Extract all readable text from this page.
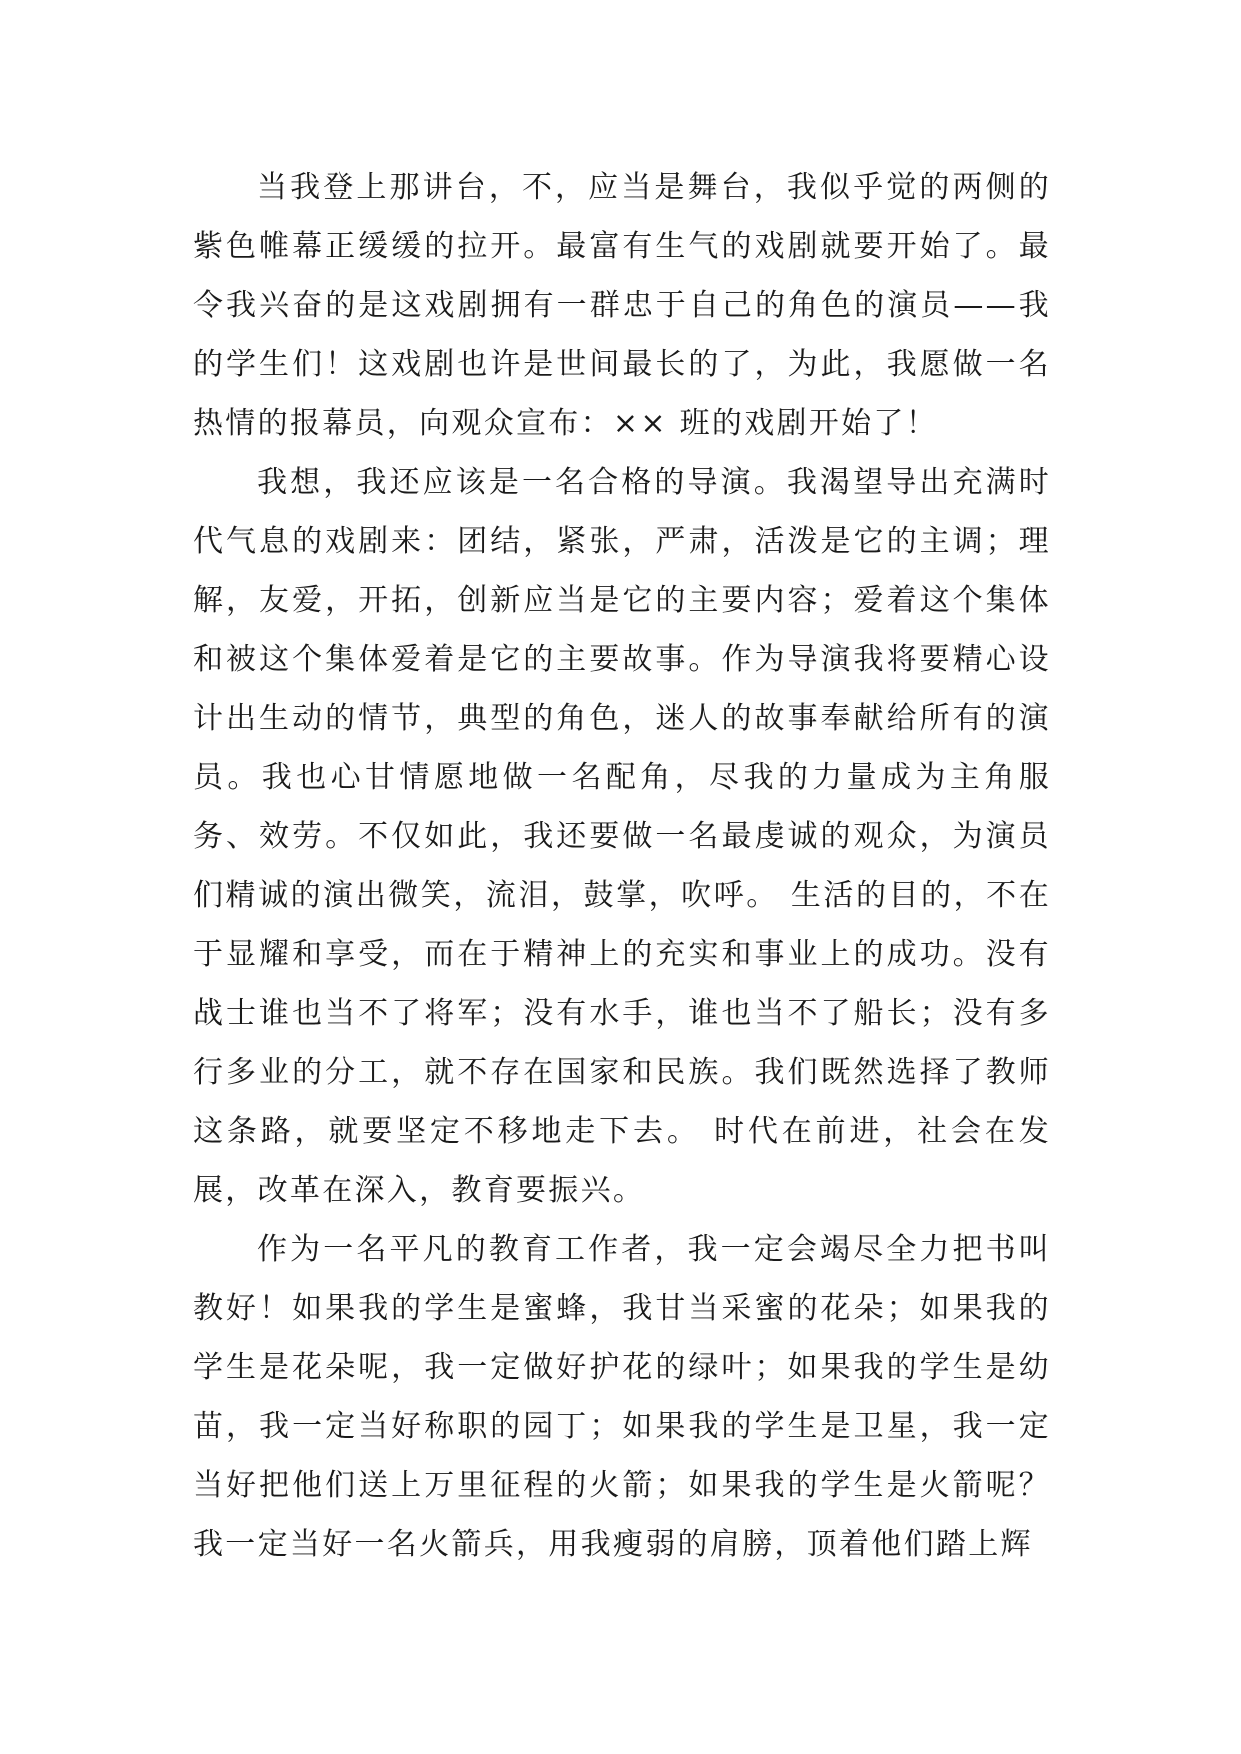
当我登上那讲台，不，应当是舞台，我似乎觉的两侧的紫色帷幕正缓缓的拉开。最富有生气的戏剧就要开始了。最令我兴奋的是这戏剧拥有一群忠于自己的角色的演员——我的学生们！这戏剧也许是世间最长的了，为此，我愿做一名热情的报幕员，向观众宣布：×× 班的戏剧开始了！

我想，我还应该是一名合格的导演。我渴望导出充满时代气息的戏剧来：团结，紧张，严肃，活泼是它的主调；理解，友爱，开拓，创新应当是它的主要内容；爱着这个集体和被这个集体爱着是它的主要故事。作为导演我将要精心设计出生动的情节，典型的角色，迷人的故事奉献给所有的演员。我也心甘情愿地做一名配角，尽我的力量成为主角服务、效劳。不仅如此，我还要做一名最虔诚的观众，为演员们精诚的演出微笑，流泪，鼓掌，吹呼。 生活的目的，不在于显耀和享受，而在于精神上的充实和事业上的成功。没有战士谁也当不了将军；没有水手，谁也当不了船长；没有多行多业的分工，就不存在国家和民族。我们既然选择了教师这条路，就要坚定不移地走下去。 时代在前进，社会在发展，改革在深入，教育要振兴。

作为一名平凡的教育工作者，我一定会竭尽全力把书叫教好！如果我的学生是蜜蜂，我甘当采蜜的花朵；如果我的学生是花朵呢，我一定做好护花的绿叶；如果我的学生是幼苗，我一定当好称职的园丁；如果我的学生是卫星，我一定当好把他们送上万里征程的火箭；如果我的学生是火箭呢？我一定当好一名火箭兵，用我瘦弱的肩膀，顶着他们踏上辉
